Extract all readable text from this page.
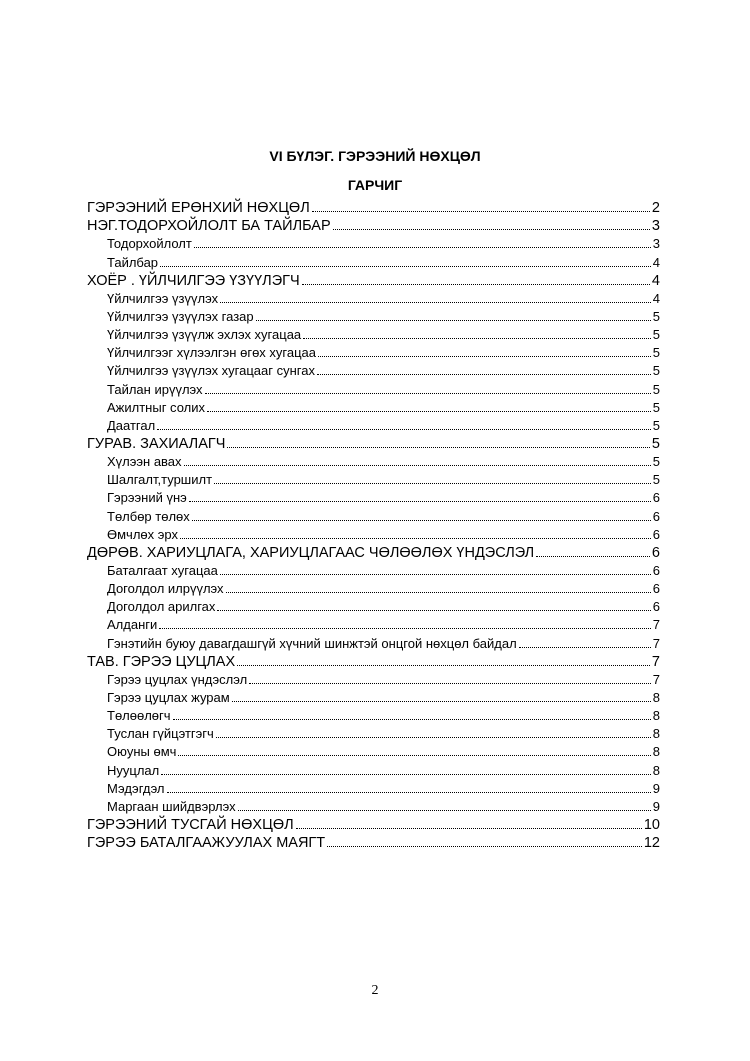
VI БҮЛЭГ. ГЭРЭЭНИЙ НӨХЦӨЛ
ГАРЧИГ
ГЭРЭЭНИЙ ЕРӨНХИЙ НӨХЦӨЛ	2
НЭГ.ТОДОРХОЙЛОЛТ БА ТАЙЛБАР	3
Тодорхойлолт	3
Тайлбар	4
ХОЁР . ҮЙЛЧИЛГЭЭ ҮЗҮҮЛЭГЧ	4
Үйлчилгээ үзүүлэх	4
Үйлчилгээ үзүүлэх газар	5
Үйлчилгээ үзүүлж эхлэх хугацаа	5
Үйлчилгээг хүлээлгэн өгөх хугацаа	5
Үйлчилгээ үзүүлэх хугацааг сунгах	5
Тайлан ирүүлэх	5
Ажилтныг солих	5
Даатгал	5
ГУРАВ. ЗАХИАЛАГЧ	5
Хүлээн авах	5
Шалгалт,туршилт	5
Гэрээний үнэ	6
Төлбөр төлөх	6
Өмчлөх эрх	6
ДӨРӨВ. ХАРИУЦЛАГА, ХАРИУЦЛАГААС ЧӨЛӨӨЛӨХ ҮНДЭСЛЭЛ	6
Баталгаат хугацаа	6
Доголдол илрүүлэх	6
Доголдол арилгах	6
Алданги	7
Гэнэтийн буюу давагдашгүй хүчний шинжтэй онцгой нөхцөл байдал	7
ТАВ. ГЭРЭЭ ЦУЦЛАХ	7
Гэрээ цуцлах үндэслэл	7
Гэрээ цуцлах журам	8
Төлөөлөгч	8
Туслан гүйцэтгэгч	8
Оюуны өмч	8
Нууцлал	8
Мэдэгдэл	9
Маргаан шийдвэрлэх	9
ГЭРЭЭНИЙ ТУСГАЙ НӨХЦӨЛ	10
ГЭРЭЭ БАТАЛГААЖУУЛАХ МАЯГТ	12
2
